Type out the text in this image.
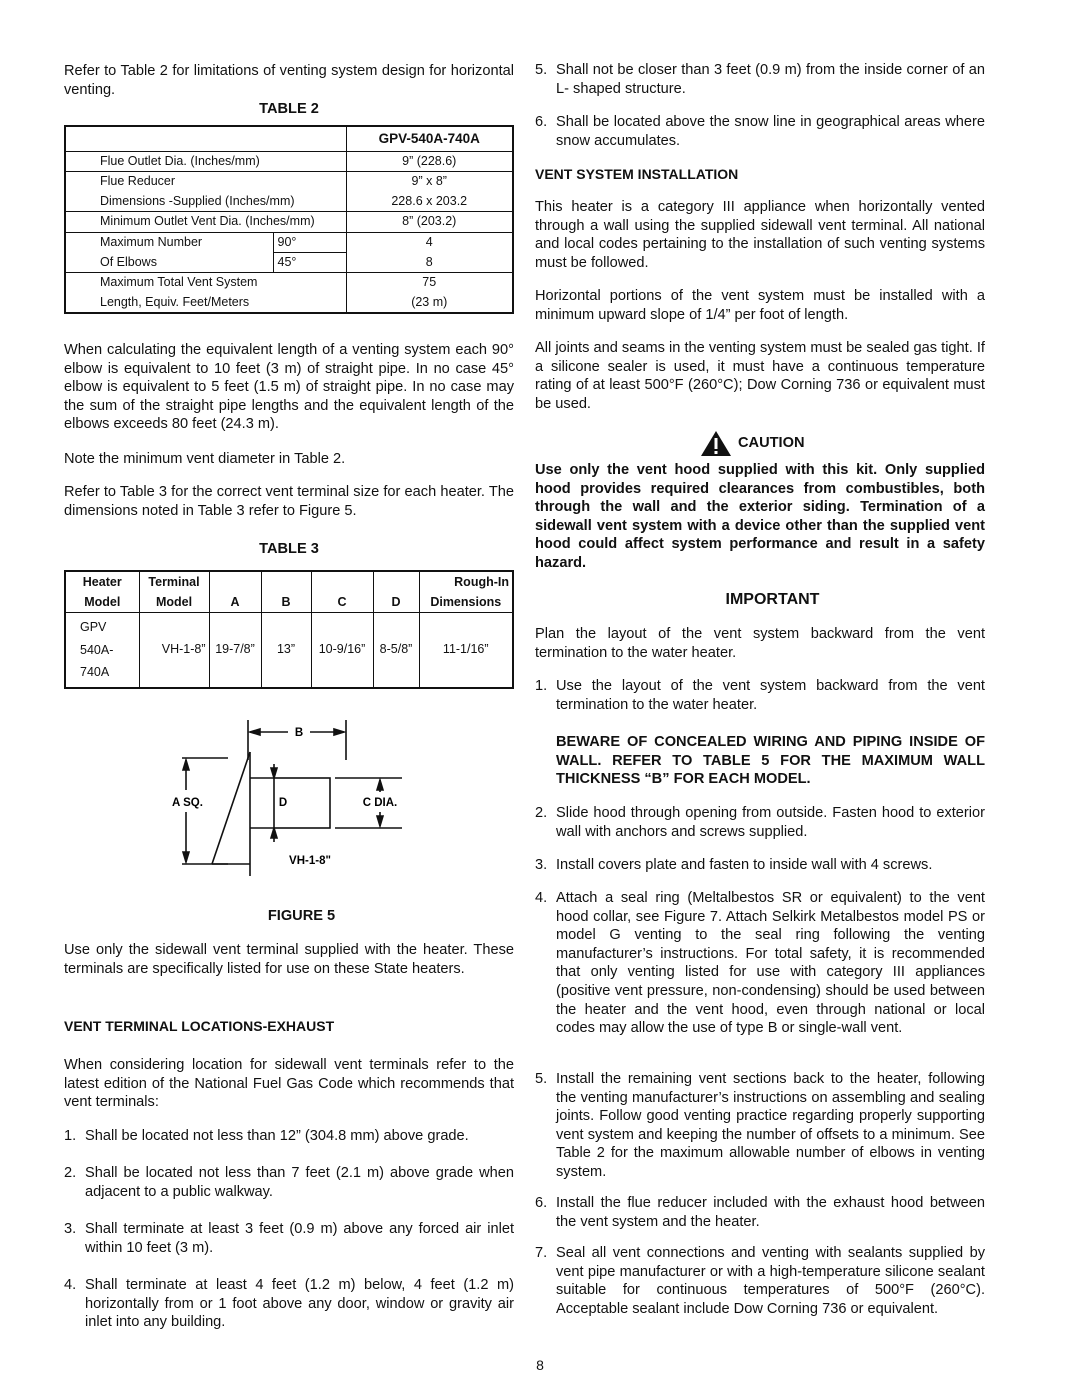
Refer to Table 2 for limitations of venting system design for horizontal venting.

TABLE 2
		GPV-540A-740A
Flue Outlet Dia. (Inches/mm)		9” (228.6)
Flue Reducer		9” x 8”
Dimensions -Supplied (Inches/mm)		228.6 x 203.2
Minimum Outlet Vent Dia. (Inches/mm)		8” (203.2)
Maximum Number	90°	4
Of Elbows	45°	8
Maximum Total Vent System		75
Length, Equiv. Feet/Meters		(23 m)

When calculating the equivalent length of a venting system each 90° elbow is equivalent to 10 feet (3 m) of straight pipe. In no case 45° elbow is equivalent to 5 feet (1.5 m) of straight pipe. In no case may the sum of the straight pipe lengths and the equivalent length of the elbows exceeds 80 feet (24.3 m).

Note the minimum vent diameter in Table 2.

Refer to Table 3 for the correct vent terminal size for each heater. The dimensions noted in Table 3 refer to Figure 5.

TABLE 3
Heater	Terminal					Rough-In
Model	Model	A	B	C	D	Dimensions

GPV
540A-
740A	VH-1-8”	19-7/8”	13”	10-9/16”	8-5/8”	11-1/16”
B
A SQ.	D	C DIA.
VH-1-8"
FIGURE 5

Use only the sidewall vent terminal supplied with the heater. These terminals are specifically listed for use on these State heaters.

VENT TERMINAL LOCATIONS-EXHAUST

When considering location for sidewall vent terminals refer to the latest edition of the National Fuel Gas Code which recommends that vent terminals:

1. Shall be located not less than 12” (304.8 mm) above grade.
2. Shall be located not less than 7 feet (2.1 m) above grade when adjacent to a public walkway.
3. Shall terminate at least 3 feet (0.9 m) above any forced air inlet within 10 feet (3 m).
4. Shall terminate at least 4 feet (1.2 m) below, 4 feet (1.2 m) horizontally from or 1 foot above any door, window or gravity air inlet into any building.
5. Shall not be closer than 3 feet (0.9 m) from the inside corner of an L- shaped structure.
6. Shall be located above the snow line in geographical areas where snow accumulates.
VENT SYSTEM INSTALLATION

This heater is a category III appliance when horizontally vented through a wall using the supplied sidewall vent terminal. All national and local codes pertaining to the installation of such venting systems must be followed.

Horizontal portions of the vent system must be installed with a minimum upward slope of 1/4” per foot of length.

All joints and seams in the venting system must be sealed gas tight. If a silicone sealer is used, it must have a continuous temperature rating of at least 500°F (260°C); Dow Corning 736 or equivalent must be used.

CAUTION

Use only the vent hood supplied with this kit. Only supplied hood provides required clearances from combustibles, both through the wall and the exterior siding. Termination of a sidewall vent system with a device other than the supplied vent hood could affect system performance and result in a safety hazard.

IMPORTANT

Plan the layout of the vent system backward from the vent termination to the water heater.

1. Use the layout of the vent system backward from the vent termination to the water heater.

BEWARE OF CONCEALED WIRING AND PIPING INSIDE OF WALL. REFER TO TABLE 5 FOR THE MAXIMUM WALL THICKNESS “B” FOR EACH MODEL.

2. Slide hood through opening from outside. Fasten hood to exterior wall with anchors and screws supplied.
3. Install covers plate and fasten to inside wall with 4 screws.
4. Attach a seal ring (Meltalbestos SR or equivalent) to the vent hood collar, see Figure 7. Attach Selkirk Metalbestos model PS or model G venting to the seal ring following the venting manufacturer’s instructions. For total safety, it is recommended that only venting listed for use with category III appliances (positive vent pressure, non-condensing) should be used between the heater and the vent hood, even through national or local codes may allow the use of type B or single-wall vent.
5. Install the remaining vent sections back to the heater, following the venting manufacturer’s instructions on assembling and sealing joints. Follow good venting practice regarding properly supporting vent system and keeping the number of offsets to a minimum. See Table 2 for the maximum allowable number of elbows in venting system.
6. Install the flue reducer included with the exhaust hood between the vent system and the heater.
7. Seal all vent connections and venting with sealants supplied by vent pipe manufacturer or with a high-temperature silicone sealant suitable for continuous temperatures of 500°F (260°C). Acceptable sealant include Dow Corning 736 or equivalent.
8
